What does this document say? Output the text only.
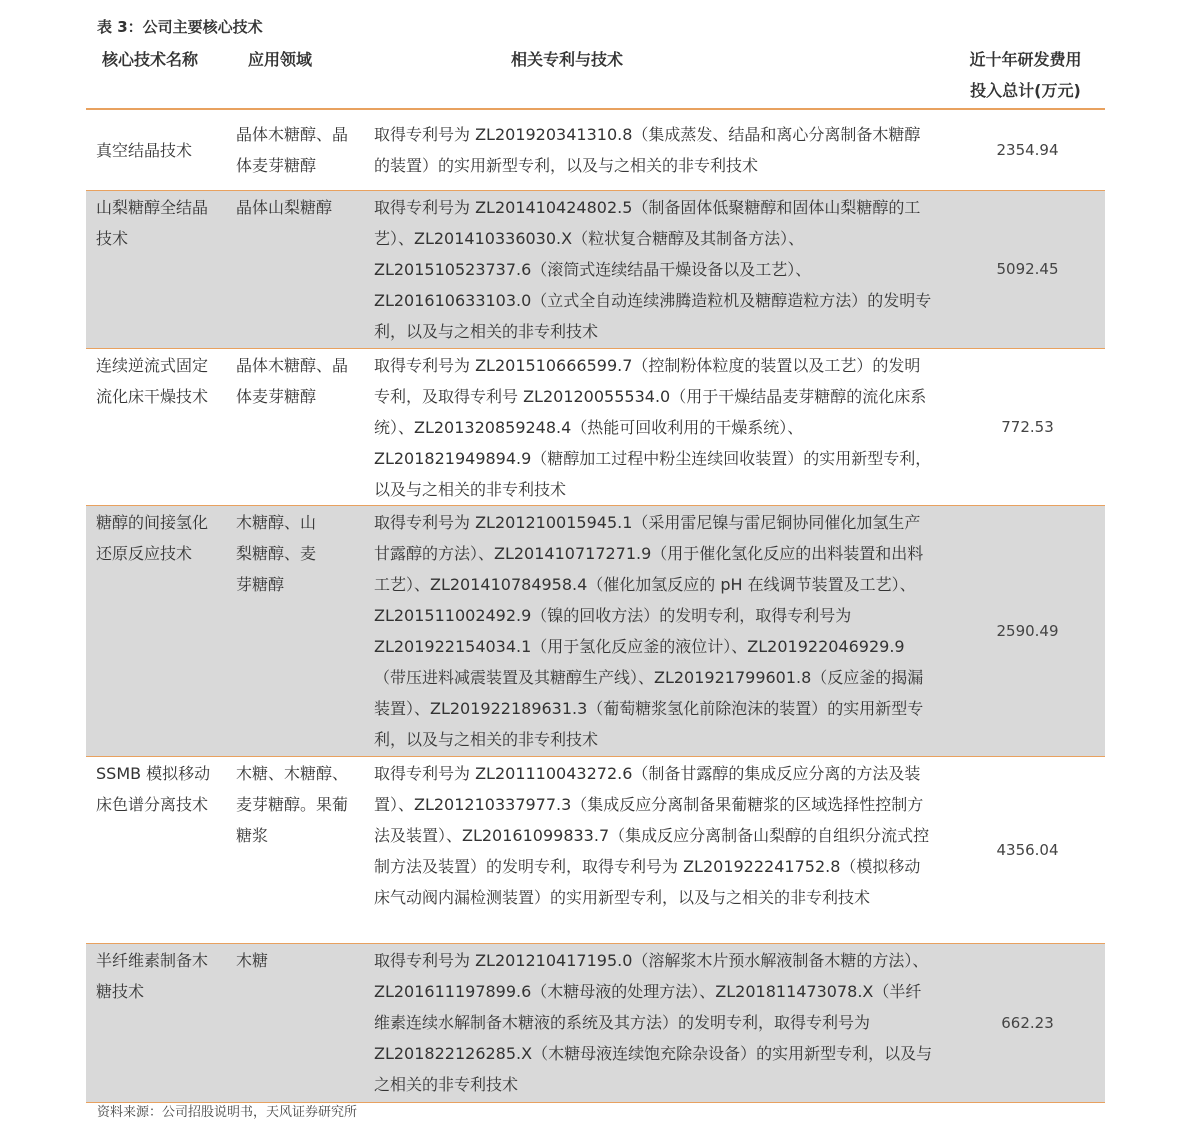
表 3：公司主要核心技术
核心技术名称	应用领域	相关专利与技术	近十年研发费用
投入总计(万元)

真空结晶技术	晶体木糖醇、晶体麦芽糖醇	取得专利号为 ZL201920341310.8（集成蒸发、结晶和离心分离制备木糖醇的装置）的实用新型专利，以及与之相关的非专利技术	2354.94

山梨糖醇全结晶技术	晶体山梨糖醇	取得专利号为 ZL201410424802.5（制备固体低聚糖醇和固体山梨糖醇的工艺）、ZL201410336030.X（粒状复合糖醇及其制备方法）、ZL201510523737.6（滚筒式连续结晶干燥设备以及工艺）、ZL201610633103.0（立式全自动连续沸腾造粒机及糖醇造粒方法）的发明专利，以及与之相关的非专利技术	5092.45

连续逆流式固定流化床干燥技术	晶体木糖醇、晶体麦芽糖醇	取得专利号为 ZL201510666599.7（控制粉体粒度的装置以及工艺）的发明专利，及取得专利号 ZL20120055534.0（用于干燥结晶麦芽糖醇的流化床系统）、ZL201320859248.4（热能可回收利用的干燥系统）、ZL201821949894.9（糖醇加工过程中粉尘连续回收装置）的实用新型专利，以及与之相关的非专利技术	772.53

糖醇的间接氢化还原反应技术	木糖醇、山梨糖醇、麦芽糖醇	取得专利号为 ZL201210015945.1（采用雷尼镍与雷尼铜协同催化加氢生产甘露醇的方法）、ZL201410717271.9（用于催化氢化反应的出料装置和出料工艺）、ZL201410784958.4（催化加氢反应的 pH 在线调节装置及工艺）、ZL201511002492.9（镍的回收方法）的发明专利，取得专利号为ZL201922154034.1（用于氢化反应釜的液位计）、ZL201922046929.9（带压进料减震装置及其糖醇生产线）、ZL201921799601.8（反应釜的揭漏装置）、ZL201922189631.3（葡萄糖浆氢化前除泡沫的装置）的实用新型专利，以及与之相关的非专利技术	2590.49

SSMB 模拟移动床色谱分离技术	木糖、木糖醇、麦芽糖醇。果葡糖浆	取得专利号为 ZL201110043272.6（制备甘露醇的集成反应分离的方法及装置）、ZL201210337977.3（集成反应分离制备果葡糖浆的区域选择性控制方法及装置）、ZL20161099833.7（集成反应分离制备山梨醇的自组织分流式控制方法及装置）的发明专利，取得专利号为 ZL201922241752.8（模拟移动床气动阀内漏检测装置）的实用新型专利，以及与之相关的非专利技术	4356.04

半纤维素制备木糖技术	木糖	取得专利号为 ZL201210417195.0（溶解浆木片预水解液制备木糖的方法）、ZL201611197899.6（木糖母液的处理方法）、ZL201811473078.X（半纤维素连续水解制备木糖液的系统及其方法）的发明专利，取得专利号为 ZL201822126285.X（木糖母液连续饱充除杂设备）的实用新型专利，以及与之相关的非专利技术	662.23
资料来源：公司招股说明书，天风证券研究所
